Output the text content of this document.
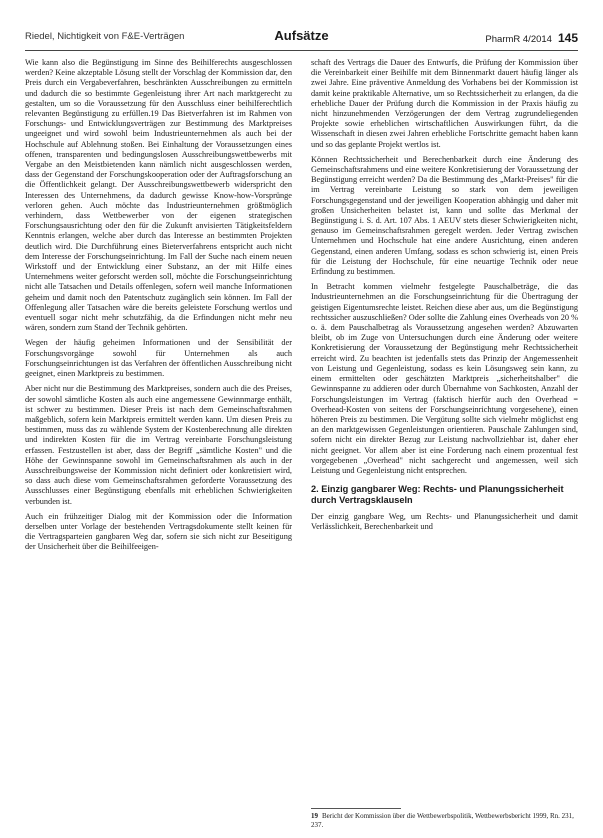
Riedel, Nichtigkeit von F&E-Verträgen	Aufsätze	PharmR 4/2014 145

Wie kann also die Begünstigung im Sinne des Beihilferechts ausgeschlossen werden? Keine akzeptable Lösung stellt der Vorschlag der Kommission dar, den Preis durch ein Vergabeverfahren, beschränkten Ausschreibungen zu ermitteln und dadurch die so bestimmte Gegenleistung ihrer Art nach marktgerecht zu gestalten, um so die Voraussetzung für den Ausschluss einer beihilferechtlich relevanten Begünstigung zu erfüllen.19 Das Bietverfahren ist im Rahmen von Forschungs- und Entwicklungsverträgen zur Bestimmung des Marktpreises ungeeignet und wird sowohl beim Industrieunternehmen als auch bei der Hochschule auf Ablehnung stoßen. Bei Einhaltung der Voraussetzungen eines offenen, transparenten und bedingungslosen Ausschreibungswettbewerbs mit Vergabe an den Meistbietenden kann nämlich nicht ausgeschlossen werden, dass der Gegenstand der Forschungskooperation oder der Auftragsforschung an die Öffentlichkeit gelangt. Der Ausschreibungswettbewerb widerspricht den Interessen des Unternehmens, da dadurch gewisse Know-how-Vorsprünge verloren gehen. Auch möchte das Industrieunternehmen größtmöglich verhindern, dass Wettbewerber von der eigenen strategischen Forschungsausrichtung oder den für die Zukunft anvisierten Tätigkeitsfeldern Kenntnis erlangen, welche aber durch das Interesse an bestimmten Projekten deutlich wird. Die Durchführung eines Bieterverfahrens entspricht auch nicht dem Interesse der Forschungseinrichtung. Im Fall der Suche nach einem neuen Wirkstoff und der Entwicklung einer Substanz, an der mit Hilfe eines Unternehmens weiter geforscht werden soll, möchte die Forschungseinrichtung nicht alle Tatsachen und Details offenlegen, sofern weil manche Informationen geheim und damit noch den Patentschutz zugänglich sein können. Im Fall der Offenlegung aller Tatsachen wäre die bereits geleistete Forschung wertlos und eventuell sogar nicht mehr schutzfähig, da die Erfindungen nicht mehr neu wären, sondern zum Stand der Technik gehörten.

Wegen der häufig geheimen Informationen und der Sensibilität der Forschungsvorgänge sowohl für Unternehmen als auch Forschungseinrichtungen ist das Verfahren der öffentlichen Ausschreibung nicht geeignet, einen Marktpreis zu bestimmen.

Aber nicht nur die Bestimmung des Marktpreises, sondern auch die des Preises, der sowohl sämtliche Kosten als auch eine angemessene Gewinnmarge enthält, ist schwer zu bestimmen. Dieser Preis ist nach dem Gemeinschaftsrahmen maßgeblich, sofern kein Marktpreis ermittelt werden kann. Um diesen Preis zu bestimmen, muss das zu wählende System der Kostenberechnung alle direkten und indirekten Kosten für die im Vertrag vereinbarte Forschungsleistung erfassen. Festzustellen ist aber, dass der Begriff „sämtliche Kosten" und die Höhe der Gewinnspanne sowohl im Gemeinschaftsrahmen als auch in der Ausschreibungsweise der Kommission nicht definiert oder konkretisiert wird, so dass auch diese vom Gemeinschaftsrahmen geforderte Voraussetzung des Ausschlusses einer Begünstigung ebenfalls mit erheblichen Schwierigkeiten verbunden ist.

Auch ein frühzeitiger Dialog mit der Kommission oder die Information derselben unter Vorlage der bestehenden Vertragsdokumente stellt keinen für die Vertragsparteien gangbaren Weg dar, sofern sie sich nicht zur Beseitigung der Unsicherheit über die Beihilfeeigen-

schaft des Vertrags die Dauer des Entwurfs, die Prüfung der Kommission über die Vereinbarkeit einer Beihilfe mit dem Binnenmarkt dauert häufig länger als zwei Jahre. Eine präventive Anmeldung des Vorhabens bei der Kommission ist damit keine praktikable Alternative, um so Rechtssicherheit zu erlangen, da die erhebliche Dauer der Prüfung durch die Kommission in der Praxis häufig zu nicht hinzunehmenden Verzögerungen der dem Vertrag zugrundeliegenden Projekte sowie erheblichen wirtschaftlichen Auswirkungen führt, da die Wissenschaft in diesen zwei Jahren erhebliche Fortschritte gemacht haben kann und so das geplante Projekt wertlos ist.

Können Rechtssicherheit und Berechenbarkeit durch eine Änderung des Gemeinschaftsrahmens und eine weitere Konkretisierung der Voraussetzung der Begünstigung erreicht werden? Da die Bestimmung des „Markt-Preises" für die im Vertrag vereinbarte Leistung so stark von dem jeweiligen Forschungsgegenstand und der jeweiligen Kooperation abhängig und daher mit großen Unsicherheiten belastet ist, kann und sollte das Merkmal der Begünstigung i. S. d. Art. 107 Abs. 1 AEUV stets dieser Schwierigkeiten nicht, genauso im Gemeinschaftsrahmen geregelt werden. Jeder Vertrag zwischen Unternehmen und Hochschule hat eine andere Ausrichtung, einen anderen Gegenstand, einen anderen Umfang, sodass es schon schwierig ist, einen Preis für die Leistung der Hochschule, für eine neuartige Technik oder neue Erfindung zu bestimmen.

In Betracht kommen vielmehr festgelegte Pauschalbeträge, die das Industrieunternehmen an die Forschungseinrichtung für die Übertragung der geistigen Eigentumsrechte leistet. Reichen diese aber aus, um die Begünstigung rechtssicher auszuschließen? Oder sollte die Zahlung eines Overheads von 20 % o. ä. dem Pauschalbetrag als Voraussetzung angesehen werden? Abzuwarten bleibt, ob im Zuge von Untersuchungen durch eine Änderung oder weitere Konkretisierung der Voraussetzung der Begünstigung mehr Rechtssicherheit erreicht wird. Zu beachten ist jedenfalls stets das Prinzip der Angemessenheit von Leistung und Gegenleistung, sodass es kein Lösungsweg sein kann, zu einem ermittelten oder geschätzten Marktpreis „sicherheitshalber" die Gewinnspanne zu addieren oder durch Übernahme von Sachkosten, Anzahl der Forschungsleistungen im Vertrag (faktisch hierfür auch den Overhead = Overhead-Kosten von seitens der Forschungseinrichtung vorgesehene), einen höheren Preis zu bestimmen. Die Vergütung sollte sich vielmehr möglichst eng an den marktgewissen Gegenleistungen orientieren. Pauschale Zahlungen sind, sofern nicht ein direkter Bezug zur Leistung nachvollziehbar ist, daher eher nicht geeignet. Vor allem aber ist eine Forderung nach einem prozentual fest vorgegebenen „Overhead" nicht sachgerecht und angemessen, weil sich Leistung und Gegenleistung nicht entsprechen.

2. Einzig gangbarer Weg: Rechts- und Planungssicherheit durch Vertragsklauseln

Der einzig gangbare Weg, um Rechts- und Planungssicherheit und damit Verlässlichkeit, Berechenbarkeit und

19 Bericht der Kommission über die Wettbewerbspolitik, Wettbewerbsbericht 1999, Rn. 231, 237.
